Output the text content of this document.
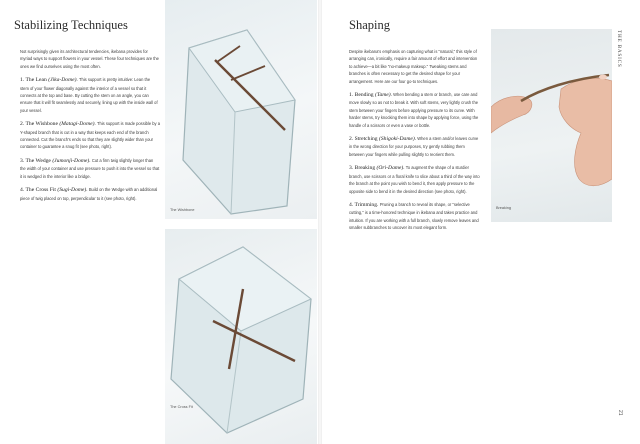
Stabilizing Techniques

Not surprisingly given its architectural tendencies, ikebana provides for myriad ways to support flowers in your vessel. These four techniques are the ones we find ourselves using the most often.

1. The Lean (Jika-Dome). This support is pretty intuitive: Lean the stem of your flower diagonally against the interior of a vessel so that it connects at the top and base. By cutting the stem on an angle, you can ensure that it will fit seamlessly and securely, lining up with the inside wall of your vessel.

2. The Wishbone (Matagi-Dome). This support is made possible by a Y-shaped branch that is cut in a way that keeps each end of the branch connected. Cut the branch's ends so that they are slightly wider than your container to guarantee a snug fit (see photo, right).

3. The Wedge (Jumonji-Dome). Cut a firm twig slightly longer than the width of your container and use pressure to push it into the vessel so that it is wedged in the interior like a bridge.

4. The Cross Fit (Sugi-Dome). Build on the Wedge with an additional piece of twig placed on top, perpendicular to it (see photo, right).

The Wishbone
The Cross Fit
Shaping

Despite ikebana's emphasis on capturing what is "natural," this style of arranging can, ironically, require a fair amount of effort and intervention to achieve—a bit like "no-makeup makeup." Tweaking stems and branches is often necessary to get the desired shape for your arrangement. Here are our four go-to techniques.

1. Bending (Tame). When bending a stem or branch, use care and move slowly so as not to break it. With soft stems, very lightly crush the stem between your fingers before applying pressure to its curve. With harder stems, try knocking them into shape by applying force, using the handle of a scissors or even a vase or bottle.

2. Stretching (Shigoki-Dame). When a stem and/or leaves curve in the wrong direction for your purposes, try gently rubbing them between your fingers while pulling slightly to reorient them.

3. Breaking (Ori-Dame). To augment the shape of a sturdier branch, use scissors or a floral knife to slice about a third of the way into the branch at the point you wish to bend it, then apply pressure to the opposite side to bend it in the desired direction (see photo, right).

4. Trimming. Pruning a branch to reveal its shape, or "selective cutting," is a time-honored technique in ikebana and takes practice and intuition. If you are working with a full branch, slowly remove leaves and smaller subbranches to uncover its most elegant form.

Breaking
THE BASICS
21
